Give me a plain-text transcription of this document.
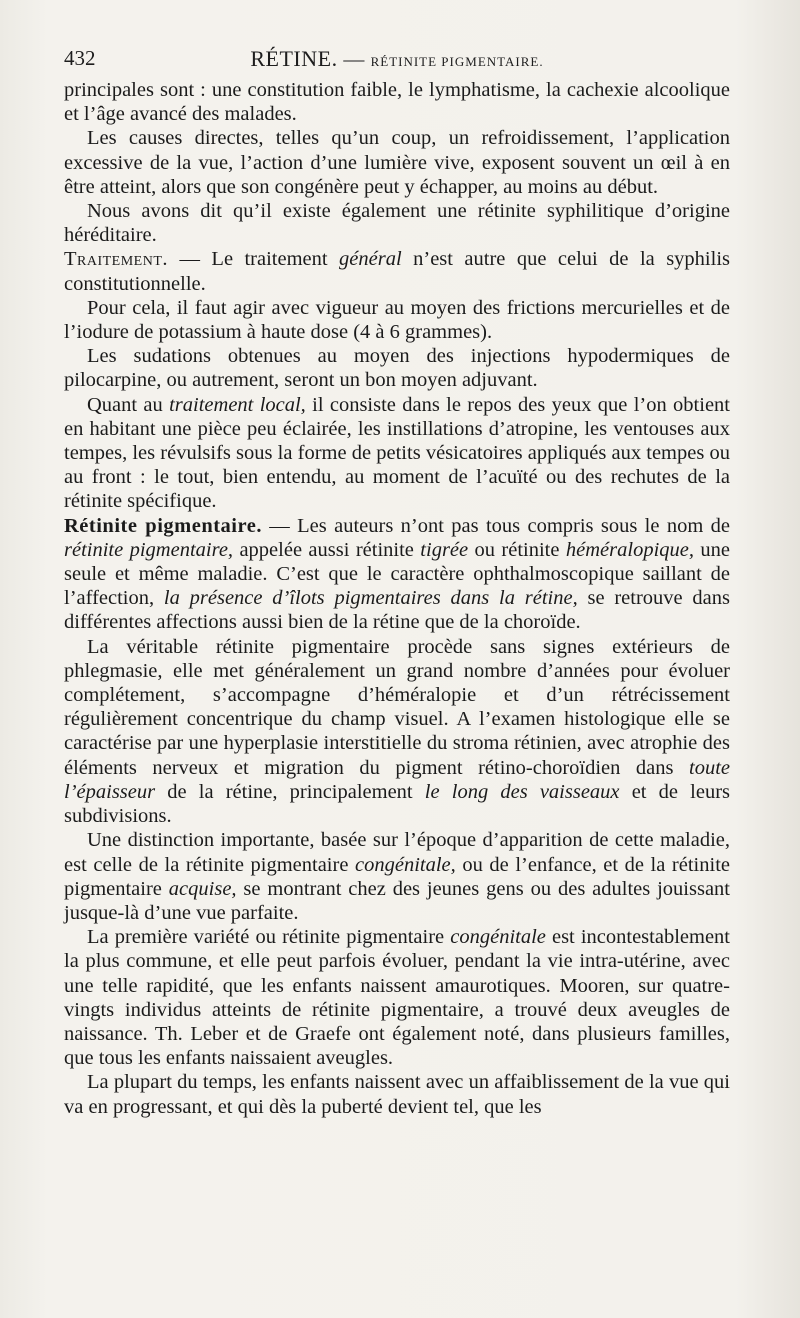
432	RÉTINE. — RÉTINITE PIGMENTAIRE.

principales sont : une constitution faible, le lymphatisme, la cachexie alcoolique et l’âge avancé des malades.

Les causes directes, telles qu’un coup, un refroidissement, l’application excessive de la vue, l’action d’une lumière vive, exposent souvent un œil à en être atteint, alors que son congénère peut y échapper, au moins au début.

Nous avons dit qu’il existe également une rétinite syphilitique d’origine héréditaire.

Traitement. — Le traitement général n’est autre que celui de la syphilis constitutionnelle.

Pour cela, il faut agir avec vigueur au moyen des frictions mercurielles et de l’iodure de potassium à haute dose (4 à 6 grammes).

Les sudations obtenues au moyen des injections hypodermiques de pilocarpine, ou autrement, seront un bon moyen adjuvant.

Quant au traitement local, il consiste dans le repos des yeux que l’on obtient en habitant une pièce peu éclairée, les instillations d’atropine, les ventouses aux tempes, les révulsifs sous la forme de petits vésicatoires appliqués aux tempes ou au front : le tout, bien entendu, au moment de l’acuïté ou des rechutes de la rétinite spécifique.

Rétinite pigmentaire. — Les auteurs n’ont pas tous compris sous le nom de rétinite pigmentaire, appelée aussi rétinite tigrée ou rétinite héméralopique, une seule et même maladie. C’est que le caractère ophthalmoscopique saillant de l’affection, la présence d’îlots pigmentaires dans la rétine, se retrouve dans différentes affections aussi bien de la rétine que de la choroïde.

La véritable rétinite pigmentaire procède sans signes extérieurs de phlegmasie, elle met généralement un grand nombre d’années pour évoluer complétement, s’accompagne d’héméralopie et d’un rétrécissement régulièrement concentrique du champ visuel. A l’examen histologique elle se caractérise par une hyperplasie interstitielle du stroma rétinien, avec atrophie des éléments nerveux et migration du pigment rétino-choroïdien dans toute l’épaisseur de la rétine, principalement le long des vaisseaux et de leurs subdivisions.

Une distinction importante, basée sur l’époque d’apparition de cette maladie, est celle de la rétinite pigmentaire congénitale, ou de l’enfance, et de la rétinite pigmentaire acquise, se montrant chez des jeunes gens ou des adultes jouissant jusque-là d’une vue parfaite.

La première variété ou rétinite pigmentaire congénitale est incontestablement la plus commune, et elle peut parfois évoluer, pendant la vie intra-utérine, avec une telle rapidité, que les enfants naissent amaurotiques. Mooren, sur quatre-vingts individus atteints de rétinite pigmentaire, a trouvé deux aveugles de naissance. Th. Leber et de Graefe ont également noté, dans plusieurs familles, que tous les enfants naissaient aveugles.

La plupart du temps, les enfants naissent avec un affaiblissement de la vue qui va en progressant, et qui dès la puberté devient tel, que les
